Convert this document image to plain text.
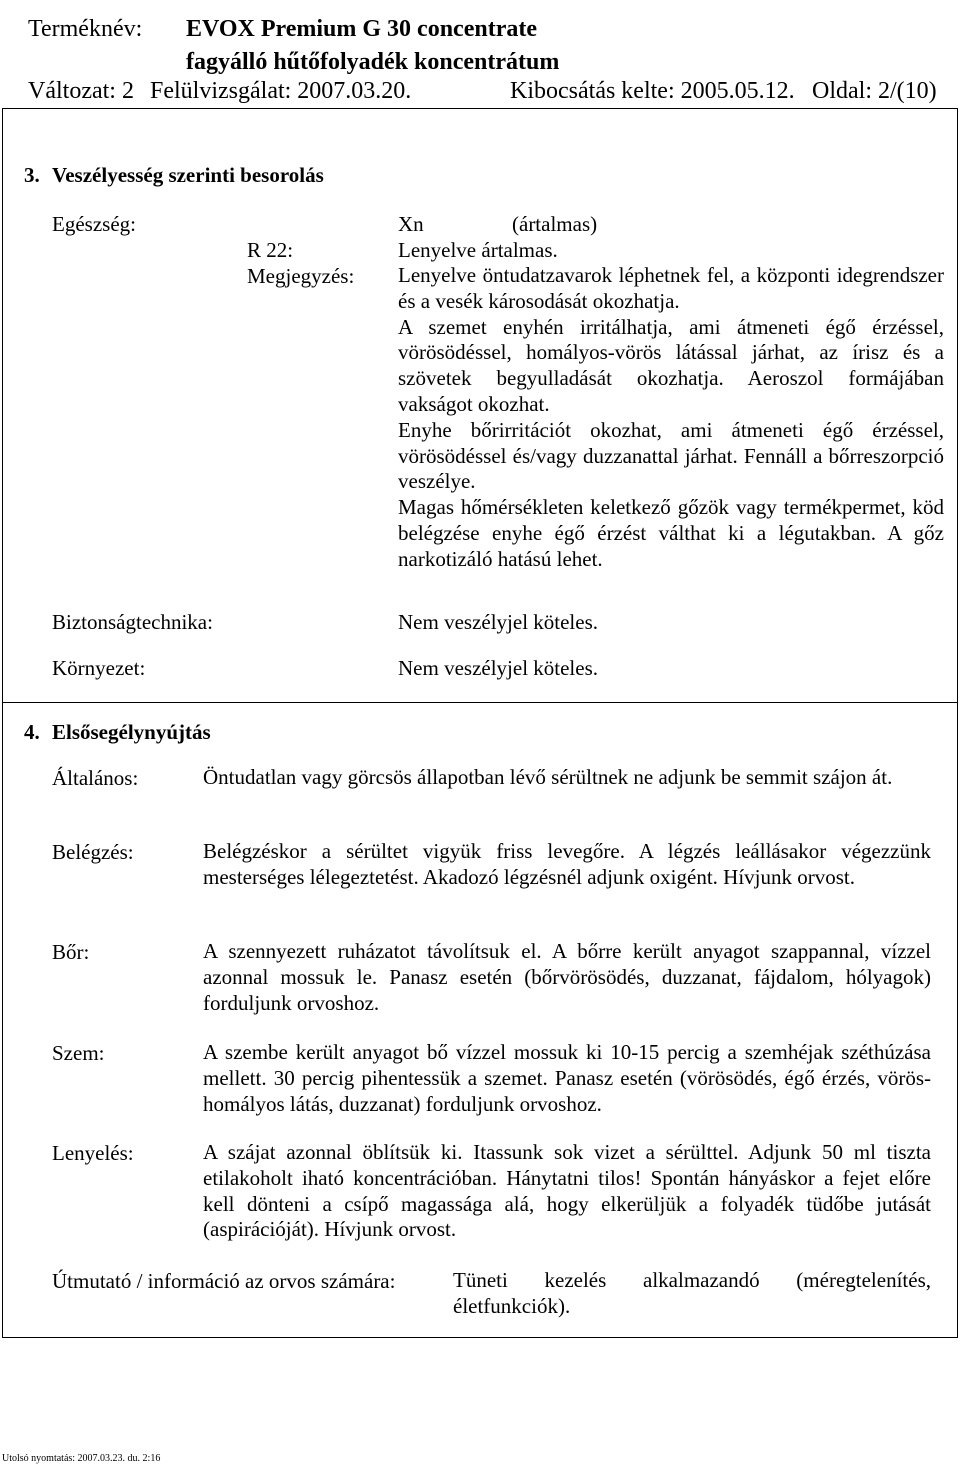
Terméknév: EVOX Premium G 30 concentrate
fagyálló hűtőfolyadék koncentrátum
Változat: 2 Felülvizsgálat: 2007.03.20.	Kibocsátás kelte: 2005.05.12. Oldal: 2/(10)
3. Veszélyesség szerinti besorolás
Egészség:	Xn	(ártalmas)
R 22:	Lenyelve ártalmas.
Megjegyzés: Lenyelve öntudatzavarok léphetnek fel, a központi idegrendszer és a vesék károsodását okozhatja.
A szemet enyhén irritálhatja, ami átmeneti égő érzéssel, vörösödéssel, homályos-vörös látással járhat, az írisz és a szövetek begyulladását okozhatja. Aeroszol formájában vakságot okozhat.
Enyhe bőrirritációt okozhat, ami átmeneti égő érzéssel, vörösödéssel és/vagy duzzanattal járhat. Fennáll a bőrreszorpció veszélye.
Magas hőmérsékleten keletkező gőzök vagy termékpermet, köd belégzése enyhe égő érzést válthat ki a légutakban. A gőz narkotizáló hatású lehet.
Biztonságtechnika:	Nem veszélyjel köteles.
Környezet:	Nem veszélyjel köteles.
4. Elsősegélynyújtás
Általános:	Öntudatlan vagy görcsös állapotban lévő sérültnek ne adjunk be semmit szájon át.
Belégzés:	Belégzéskor a sérültet vigyük friss levegőre. A légzés leállásakor végezzünk mesterséges lélegeztetést. Akadozó légzésnél adjunk oxigént. Hívjunk orvost.
Bőr:	A szennyezett ruházatot távolítsuk el. A bőrre került anyagot szappannal, vízzel azonnal mossuk le. Panasz esetén (bőrvörösödés, duzzanat, fájdalom, hólyagok) forduljunk orvoshoz.
Szem:	A szembe került anyagot bő vízzel mossuk ki 10-15 percig a szemhéjak széthúzása mellett. 30 percig pihentessük a szemet. Panasz esetén (vörösödés, égő érzés, vörös-homályos látás, duzzanat) forduljunk orvoshoz.
Lenyelés:	A szájat azonnal öblítsük ki. Itassunk sok vizet a sérülttel. Adjunk 50 ml tiszta etilakoholt iható koncentrációban. Hánytatni tilos! Spontán hányáskor a fejet előre kell dönteni a csípő magassága alá, hogy elkerüljük a folyadék tüdőbe jutását (aspirációját). Hívjunk orvost.
Útmutató / információ az orvos számára:	Tüneti kezelés alkalmazandó (méregtelenítés, életfunkciók).
Utolsó nyomtatás: 2007.03.23. du. 2:16
